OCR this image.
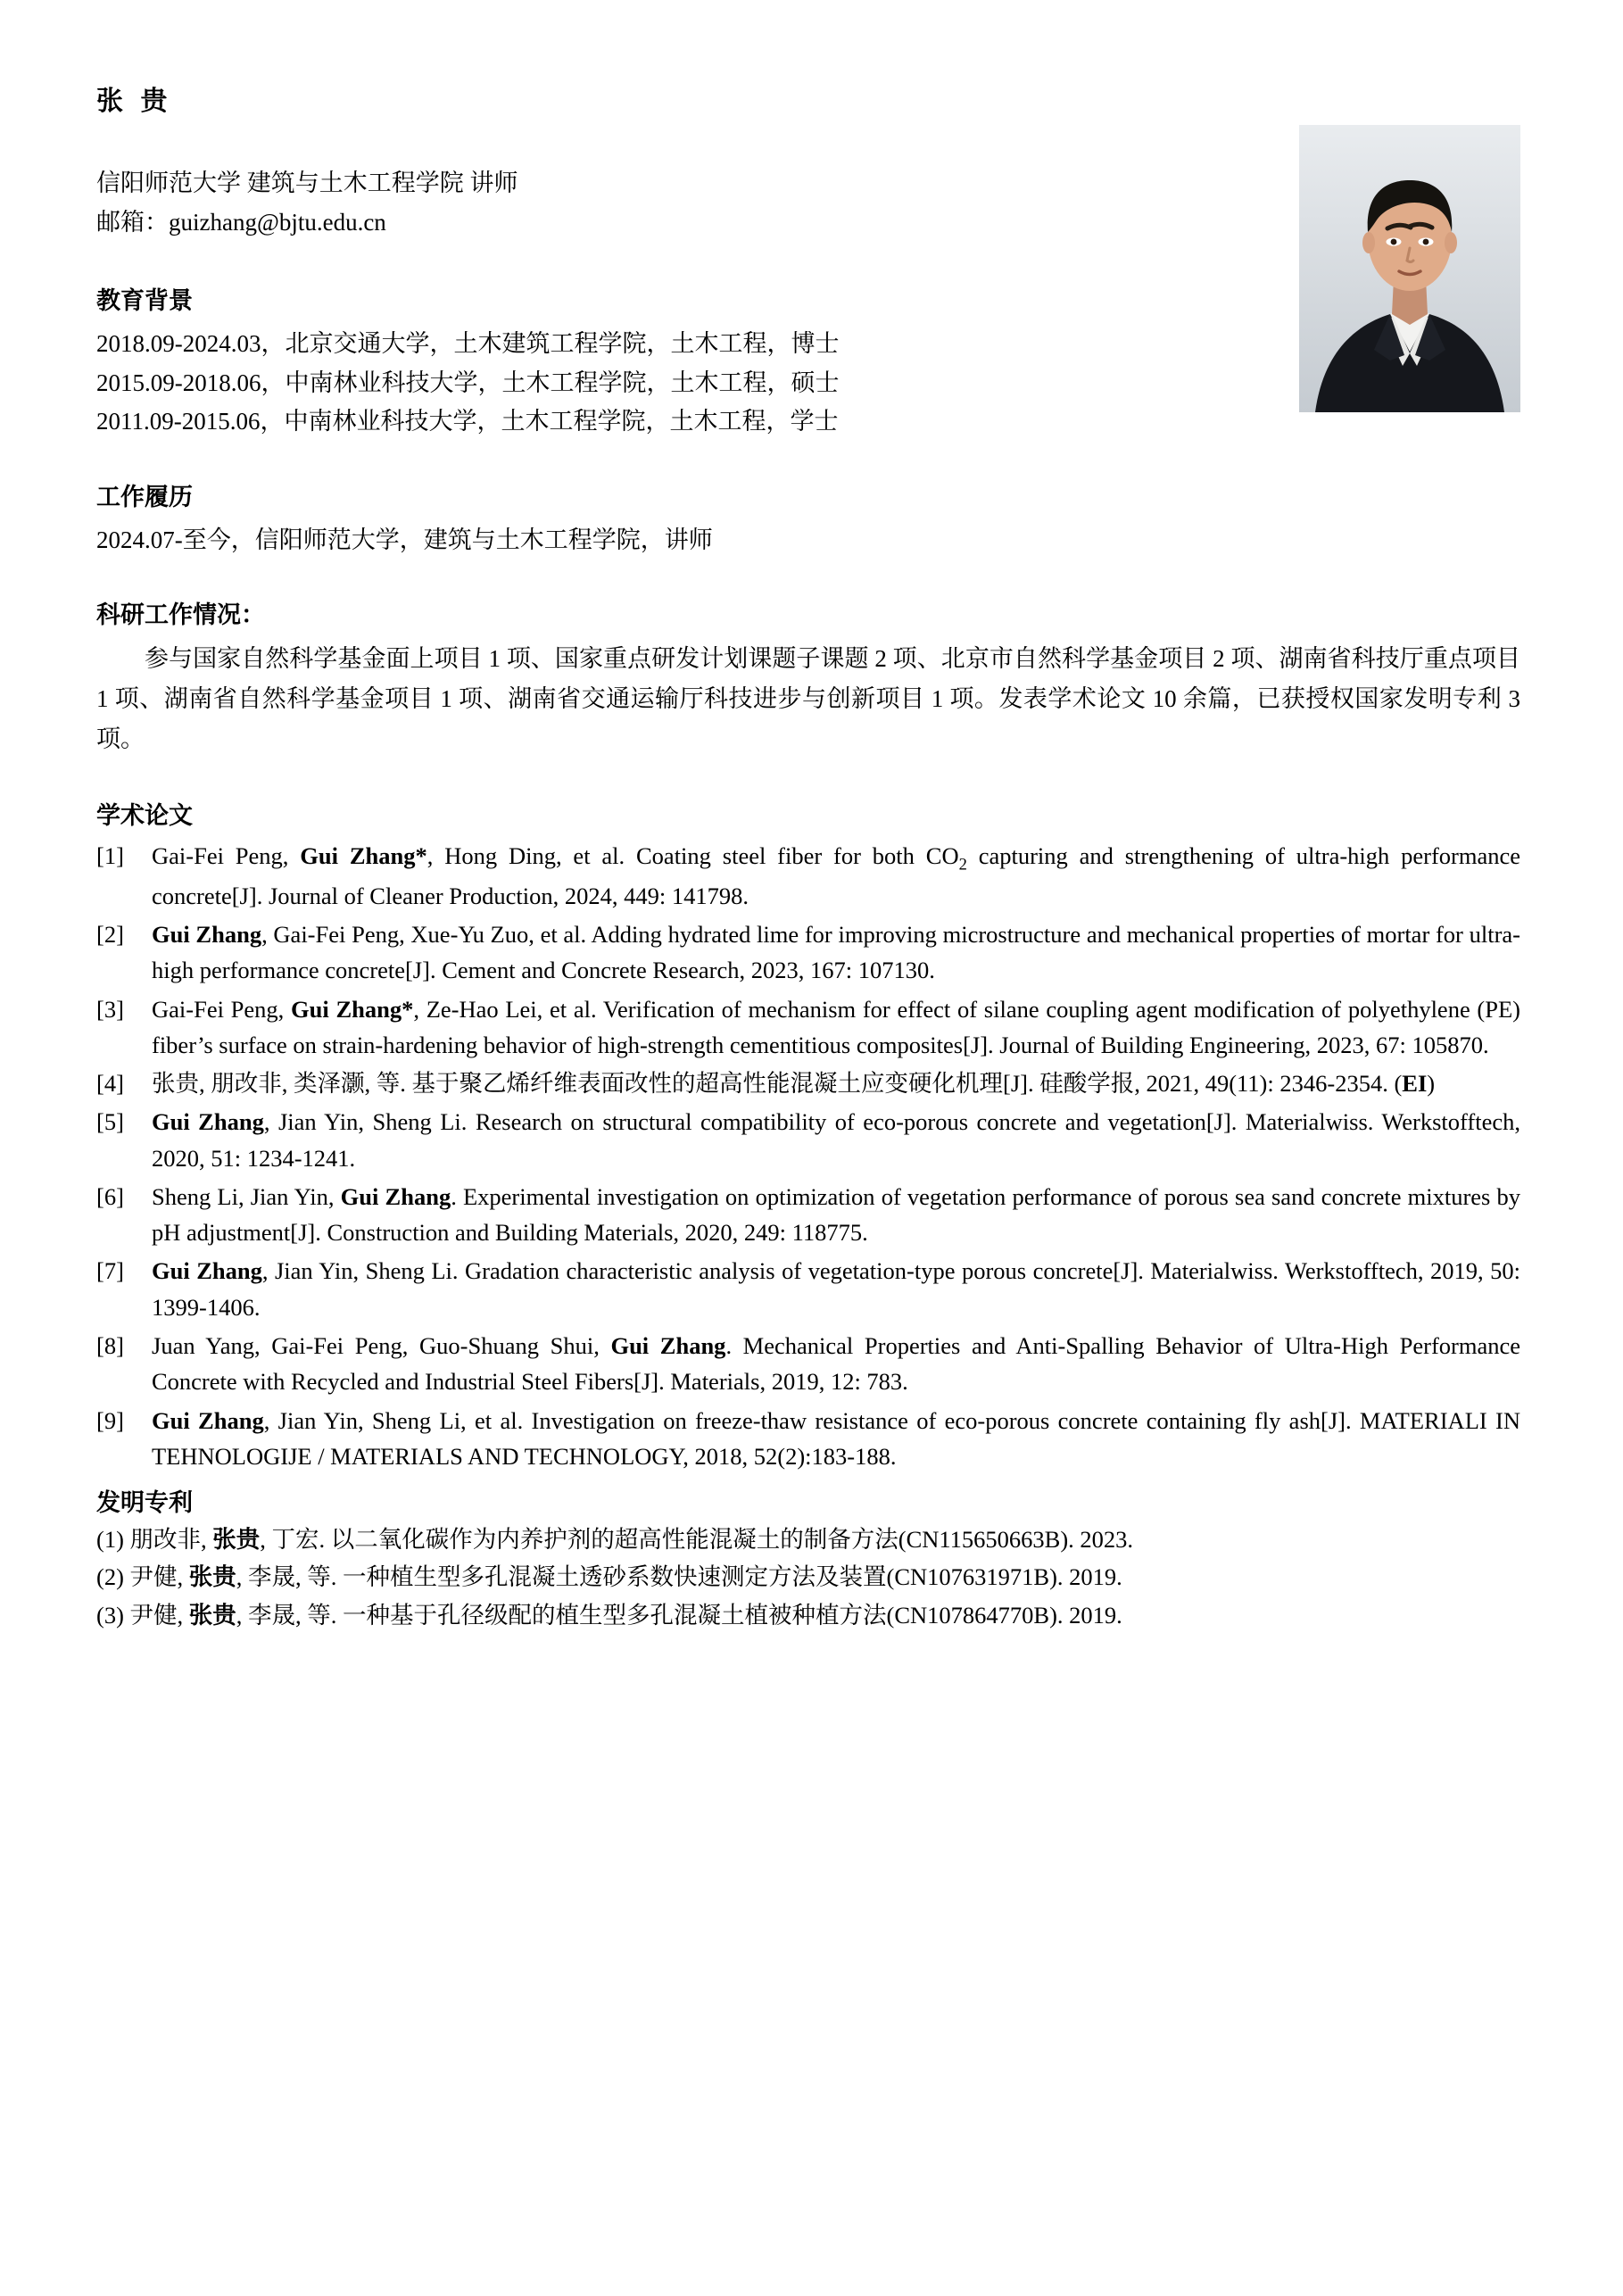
张 贵
信阳师范大学 建筑与土木工程学院 讲师
邮箱：guizhang@bjtu.edu.cn
教育背景
2018.09-2024.03，北京交通大学，土木建筑工程学院，土木工程，博士
2015.09-2018.06，中南林业科技大学，土木工程学院，土木工程，硕士
2011.09-2015.06，中南林业科技大学，土木工程学院，土木工程，学士
工作履历
2024.07-至今，信阳师范大学，建筑与土木工程学院，讲师
科研工作情况：
参与国家自然科学基金面上项目 1 项、国家重点研发计划课题子课题 2 项、北京市自然科学基金项目 2 项、湖南省科技厅重点项目 1 项、湖南省自然科学基金项目 1 项、湖南省交通运输厅科技进步与创新项目 1 项。发表学术论文 10 余篇，已获授权国家发明专利 3 项。
学术论文
[1]	Gai-Fei Peng, Gui Zhang*, Hong Ding, et al. Coating steel fiber for both $CO_2$ capturing and strengthening of ultra-high performance concrete[J]. Journal of Cleaner Production, 2024, 449: 141798.
[2]	Gui Zhang, Gai-Fei Peng, Xue-Yu Zuo, et al. Adding hydrated lime for improving microstructure and mechanical properties of mortar for ultra-high performance concrete[J]. Cement and Concrete Research, 2023, 167: 107130.
[3]	Gai-Fei Peng, Gui Zhang*, Ze-Hao Lei, et al. Verification of mechanism for effect of silane coupling agent modification of polyethylene (PE) fiber’s surface on strain-hardening behavior of high-strength cementitious composites[J]. Journal of Building Engineering, 2023, 67: 105870.
[4]	张贵, 朋改非, 类泽灏, 等. 基于聚乙烯纤维表面改性的超高性能混凝土应变硬化机理[J]. 硅酸学报, 2021, 49(11): 2346-2354. (EI)
[5]	Gui Zhang, Jian Yin, Sheng Li. Research on structural compatibility of eco-porous concrete and vegetation[J]. Materialwiss. Werkstofftech, 2020, 51: 1234-1241.
[6]	Sheng Li, Jian Yin, Gui Zhang. Experimental investigation on optimization of vegetation performance of porous sea sand concrete mixtures by pH adjustment[J]. Construction and Building Materials, 2020, 249: 118775.
[7]	Gui Zhang, Jian Yin, Sheng Li. Gradation characteristic analysis of vegetation-type porous concrete[J]. Materialwiss. Werkstofftech, 2019, 50: 1399-1406.
[8]	Juan Yang, Gai-Fei Peng, Guo-Shuang Shui, Gui Zhang. Mechanical Properties and Anti-Spalling Behavior of Ultra-High Performance Concrete with Recycled and Industrial Steel Fibers[J]. Materials, 2019, 12: 783.
[9]	Gui Zhang, Jian Yin, Sheng Li, et al. Investigation on freeze-thaw resistance of eco-porous concrete containing fly ash[J]. MATERIALI IN TEHNOLOGIJE / MATERIALS AND TECHNOLOGY, 2018, 52(2):183-188.
发明专利
(1) 朋改非, 张贵, 丁宏. 以二氧化碳作为内养护剂的超高性能混凝土的制备方法(CN115650663B). 2023.
(2) 尹健, 张贵, 李晟, 等. 一种植生型多孔混凝土透砂系数快速测定方法及装置(CN107631971B). 2019.
(3) 尹健, 张贵, 李晟, 等. 一种基于孔径级配的植生型多孔混凝土植被种植方法(CN107864770B). 2019.
